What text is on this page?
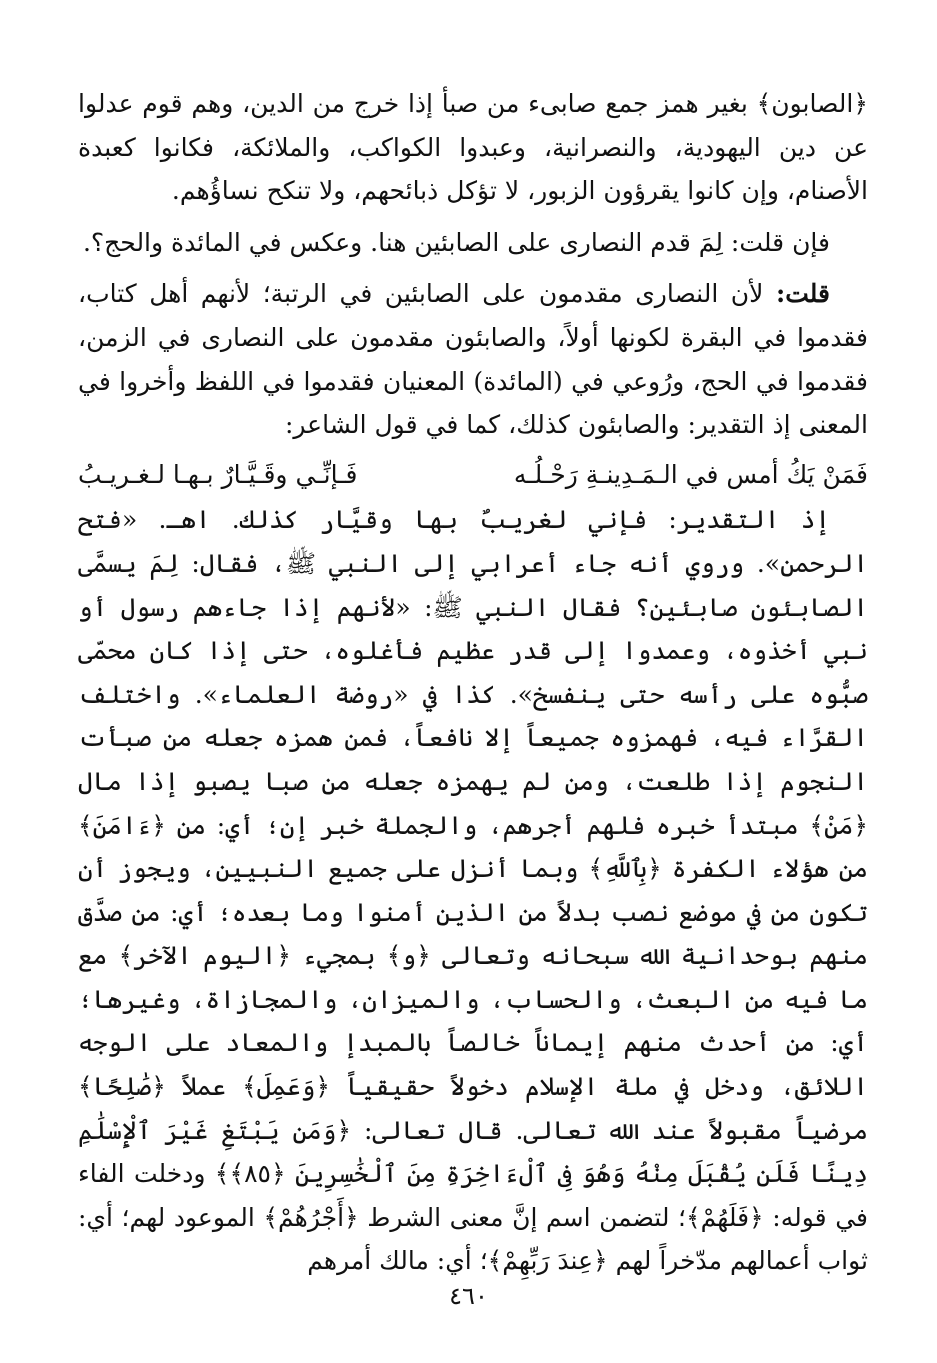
﴿الصابون﴾ بغير همز جمع صابىء من صبأ إذا خرج من الدين، وهم قوم عدلوا عن دين اليهودية، والنصرانية، وعبدوا الكواكب، والملائكة، فكانوا كعبدة الأصنام، وإن كانوا يقرؤون الزبور، لا تؤكل ذبائحهم، ولا تنكح نساؤُهم.

فإن قلت: لِمَ قدم النصارى على الصابئين هنا. وعكس في المائدة والحج؟.

قلت: لأن النصارى مقدمون على الصابئين في الرتبة؛ لأنهم أهل كتاب، فقدموا في البقرة لكونها أولاً، والصابئون مقدمون على النصارى في الزمن، فقدموا في الحج، ورُوعي في (المائدة) المعنيان فقدموا في اللفظ وأخروا في المعنى إذ التقدير: والصابئون كذلك، كما في قول الشاعر:

فَمَنْ يَكُ أمس في الـمَـدِينـةِ رَحْـلُـه
فَـإنِّـي وقَـيَّـارٌ بـهـا لـغـريـبُ

إذ التقدير: فإني لغريبٌ بها وقيَّار كذلك. اهـ. «فتح الرحمن». وروي أنه جاء أعرابي إلى النبي ﷺ، فقال: لِمَ يسمَّى الصابئون صابئين؟ فقال النبي ﷺ: «لأنهم إذا جاءهم رسول أو نبي أخذوه، وعمدوا إلى قدر عظيم فأغلوه، حتى إذا كان محمّى صبُّوه على رأسه حتى ينفسخ». كذا في «روضة العلماء». واختلف القرَّاء فيه، فهمزوه جميعاً إلا نافعاً، فمن همزه جعله من صبأت النجوم إذا طلعت، ومن لم يهمزه جعله من صبا يصبو إذا مال ﴿مَنْ﴾ مبتدأ خبره فلهم أجرهم، والجملة خبر إن؛ أي: من ﴿ءَامَنَ﴾ من هؤلاء الكفرة ﴿بِٱللَّهِ﴾ وبما أنزل على جميع النبيين، ويجوز أن تكون من في موضع نصب بدلاً من الذين أمنوا وما بعده؛ أي: من صدَّق منهم بوحدانية الله سبحانه وتعالى ﴿و﴾ بمجيء ﴿اليوم الآخر﴾ مع ما فيه من البعث، والحساب، والميزان، والمجازاة، وغيرها؛ أي: من أحدث منهم إيماناً خالصاً بالمبدإ والمعاد على الوجه اللائق، ودخل في ملة الإسلام دخولاً حقيقياً ﴿وَعَمِلَ﴾ عملاً ﴿صَٰلِحًا﴾ مرضياً مقبولاً عند الله تعالى. قال تعالى: ﴿وَمَن يَبْتَغِ غَيْرَ ٱلْإِسْلَٰمِ دِينًا فَلَن يُقْبَلَ مِنْهُ وَهُوَ فِى ٱلْءَاخِرَةِ مِنَ ٱلْخَٰسِرِينَ ﴿٨٥﴾﴾ ودخلت الفاء في قوله: ﴿فَلَهُمْ﴾؛ لتضمن اسم إنَّ معنى الشرط ﴿أَجْرُهُمْ﴾ الموعود لهم؛ أي: ثواب أعمالهم مدّخراً لهم ﴿عِندَ رَبِّهِمْ﴾؛ أي: مالك أمرهم

٤٦٠
